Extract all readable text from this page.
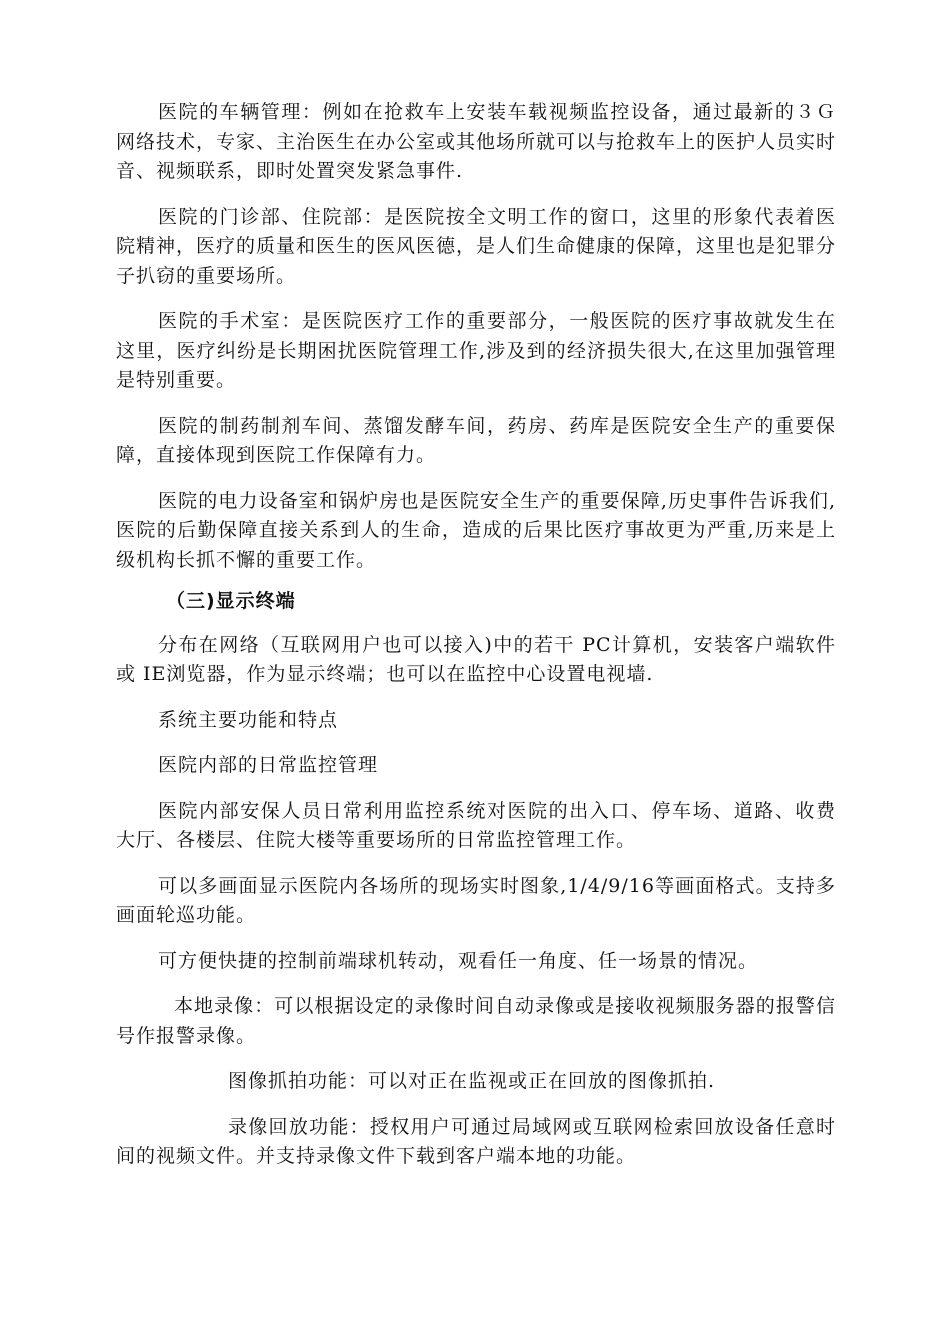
医院的车辆管理：例如在抢救车上安装车载视频监控设备，通过最新的３Ｇ网络技术，专家、主治医生在办公室或其他场所就可以与抢救车上的医护人员实时音、视频联系，即时处置突发紧急事件.

医院的门诊部、住院部：是医院按全文明工作的窗口，这里的形象代表着医院精神，医疗的质量和医生的医风医德，是人们生命健康的保障，这里也是犯罪分子扒窃的重要场所。

医院的手术室：是医院医疗工作的重要部分，一般医院的医疗事故就发生在这里，医疗纠纷是长期困扰医院管理工作,涉及到的经济损失很大,在这里加强管理是特别重要。

医院的制药制剂车间、蒸馏发酵车间，药房、药库是医院安全生产的重要保障，直接体现到医院工作保障有力。

医院的电力设备室和锅炉房也是医院安全生产的重要保障,历史事件告诉我们,医院的后勤保障直接关系到人的生命，造成的后果比医疗事故更为严重,历来是上级机构长抓不懈的重要工作。

（三)显示终端

分布在网络（互联网用户也可以接入)中的若干 PC计算机，安装客户端软件或 IE浏览器，作为显示终端；也可以在监控中心设置电视墙.

系统主要功能和特点

医院内部的日常监控管理

医院内部安保人员日常利用监控系统对医院的出入口、停车场、道路、收费大厅、各楼层、住院大楼等重要场所的日常监控管理工作。

可以多画面显示医院内各场所的现场实时图象,1/4/9/16等画面格式。支持多画面轮巡功能。

可方便快捷的控制前端球机转动，观看任一角度、任一场景的情况。

本地录像：可以根据设定的录像时间自动录像或是接收视频服务器的报警信号作报警录像。

图像抓拍功能：可以对正在监视或正在回放的图像抓拍.

录像回放功能：授权用户可通过局域网或互联网检索回放设备任意时间的视频文件。并支持录像文件下载到客户端本地的功能。
